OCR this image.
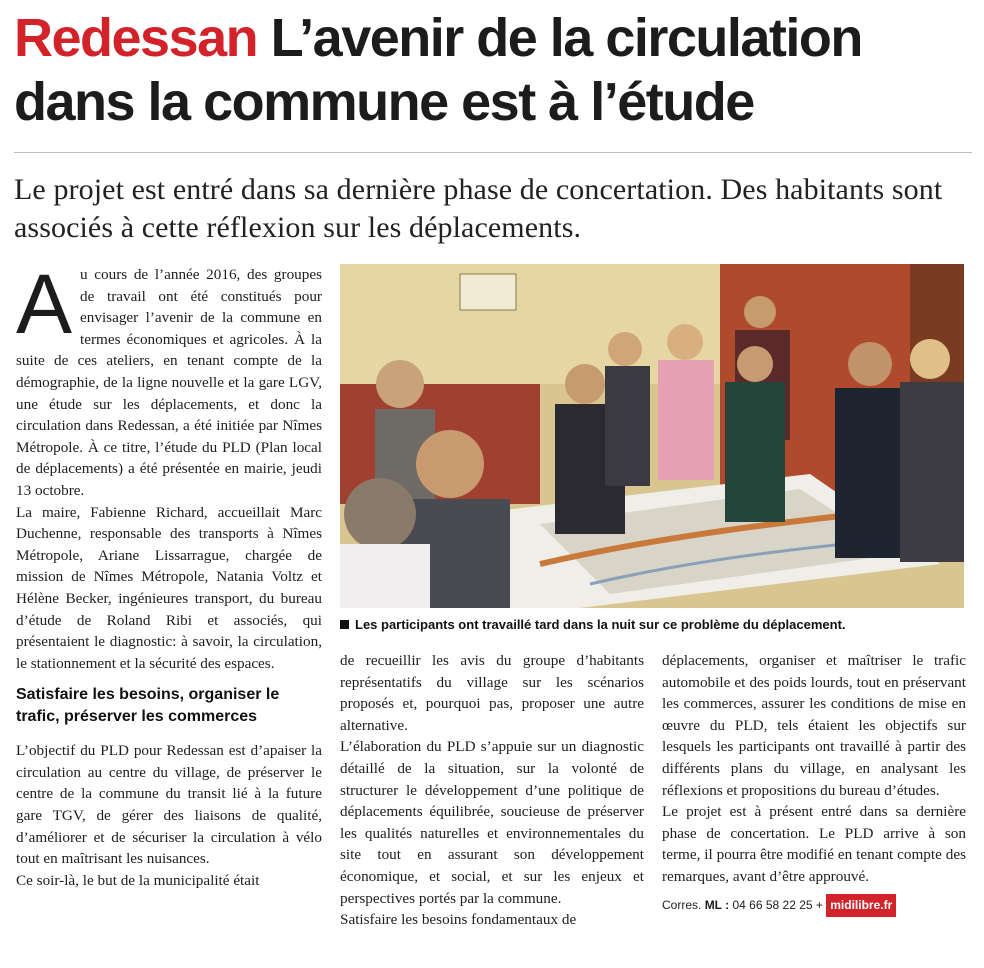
Redessan L’avenir de la circulation dans la commune est à l’étude

Le projet est entré dans sa dernière phase de concertation. Des habitants sont associés à cette réflexion sur les déplacements.

A u cours de l’année 2016, des groupes de travail ont été constitués pour envisager l’avenir de la commune en termes économiques et agricoles. À la suite de ces ateliers, en tenant compte de la démographie, de la ligne nouvelle et la gare LGV, une étude sur les déplacements, et donc la circulation dans Redessan, a été initiée par Nîmes Métropole. À ce titre, l’étude du PLD (Plan local de déplacements) a été présentée en mairie, jeudi 13 octobre.

La maire, Fabienne Richard, accueillait Marc Duchenne, responsable des transports à Nîmes Métropole, Ariane Lissarrague, chargée de mission de Nîmes Métropole, Natania Voltz et Hélène Becker, ingénieures transport, du bureau d’étude de Roland Ribi et associés, qui présentaient le diagnostic: à savoir, la circulation, le stationnement et la sécurité des espaces.

Satisfaire les besoins, organiser le trafic, préserver les commerces

L’objectif du PLD pour Redessan est d’apaiser la circulation au centre du village, de préserver le centre de la commune du transit lié à la future gare TGV, de gérer des liaisons de qualité, d’améliorer et de sécuriser la circulation à vélo tout en maîtrisant les nuisances.

Ce soir-là, le but de la municipalité était

Les participants ont travaillé tard dans la nuit sur ce problème du déplacement.

de recueillir les avis du groupe d’habitants représentatifs du village sur les scénarios proposés et, pourquoi pas, proposer une autre alternative.

L’élaboration du PLD s’appuie sur un diagnostic détaillé de la situation, sur la volonté de structurer le développement d’une politique de déplacements équilibrée, soucieuse de préserver les qualités naturelles et environnementales du site tout en assurant son développement économique, et social, et sur les enjeux et perspectives portés par la commune.

Satisfaire les besoins fondamentaux de

déplacements, organiser et maîtriser le trafic automobile et des poids lourds, tout en préservant les commerces, assurer les conditions de mise en œuvre du PLD, tels étaient les objectifs sur lesquels les participants ont travaillé à partir des différents plans du village, en analysant les réflexions et propositions du bureau d’études.

Le projet est à présent entré dans sa dernière phase de concertation. Le PLD arrive à son terme, il pourra être modifié en tenant compte des remarques, avant d’être approuvé.

Corres. ML : 04 66 58 22 25 + midilibre.fr
